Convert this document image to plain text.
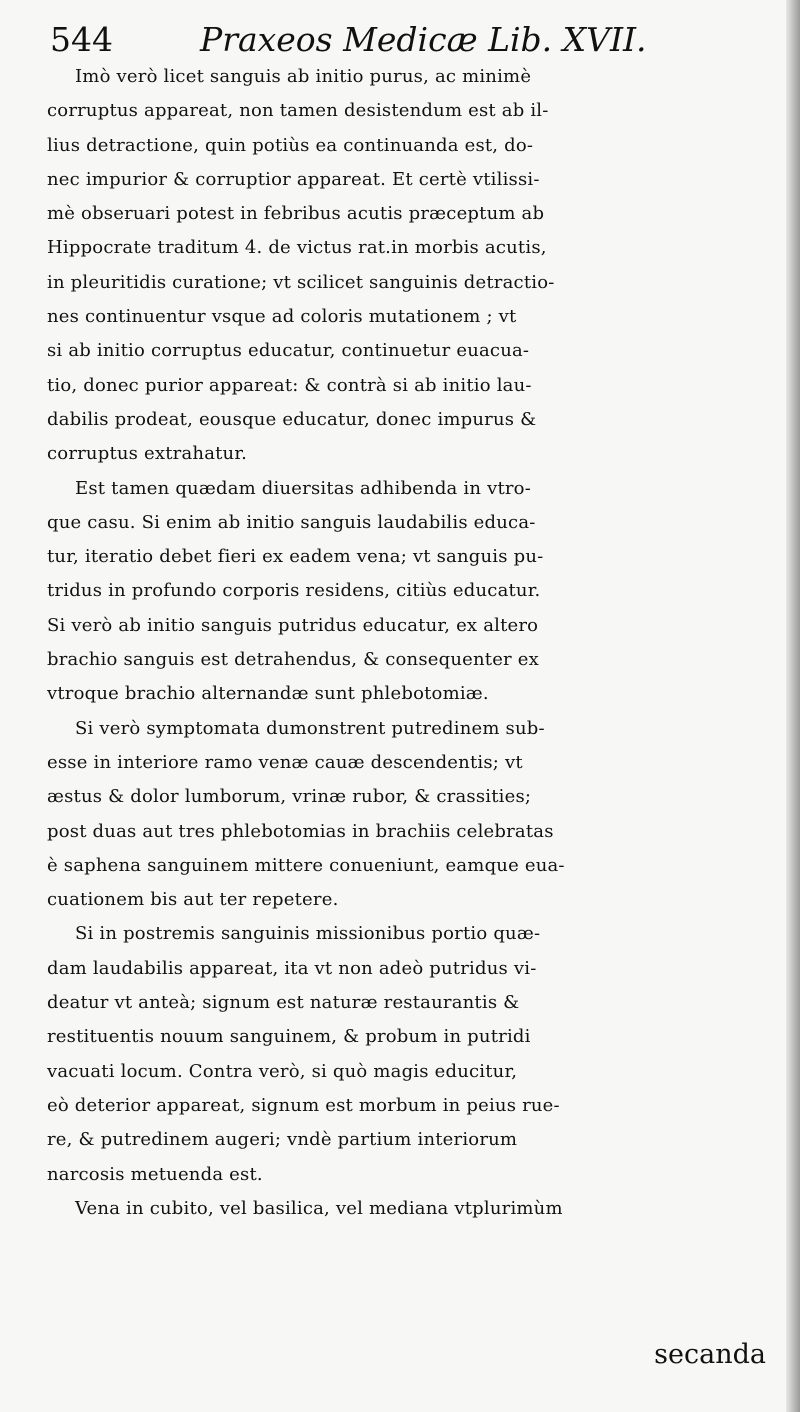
544	Praxeos Medicæ Lib. XVII.
Imò verò licet sanguis ab initio purus, ac minimè
corruptus appareat, non tamen desistendum est ab il-
lius detractione, quin potiùs ea continuanda est, do-
nec impurior & corruptior appareat. Et certè vtilissi-
mè obseruari potest in febribus acutis præceptum ab
Hippocrate traditum 4. de victus rat.in morbis acutis,
in pleuritidis curatione; vt scilicet sanguinis detractio-
nes continuentur vsque ad coloris mutationem ; vt
si ab initio corruptus educatur, continuetur euacua-
tio, donec purior appareat: & contrà si ab initio lau-
dabilis prodeat, eousque educatur, donec impurus &
corruptus extrahatur.
Est tamen quædam diuersitas adhibenda in vtro-
que casu. Si enim ab initio sanguis laudabilis educa-
tur, iteratio debet fieri ex eadem vena; vt sanguis pu-
tridus in profundo corporis residens, citiùs educatur.
Si verò ab initio sanguis putridus educatur, ex altero
brachio sanguis est detrahendus, & consequenter ex
vtroque brachio alternandæ sunt phlebotomiæ.
Si verò symptomata dumonstrent putredinem sub-
esse in interiore ramo venæ cauæ descendentis; vt
æstus & dolor lumborum, vrinæ rubor, & crassities;
post duas aut tres phlebotomias in brachiis celebratas
è saphena sanguinem mittere conueniunt, eamque eua-
cuationem bis aut ter repetere.
Si in postremis sanguinis missionibus portio quæ-
dam laudabilis appareat, ita vt non adeò putridus vi-
deatur vt anteà; signum est naturæ restaurantis &
restituentis nouum sanguinem, & probum in putridi
vacuati locum. Contra verò, si quò magis educitur,
eò deterior appareat, signum est morbum in peius rue-
re, & putredinem augeri; vndè partium interiorum
narcosis metuenda est.
Vena in cubito, vel basilica, vel mediana vtplurimùm
secanda
